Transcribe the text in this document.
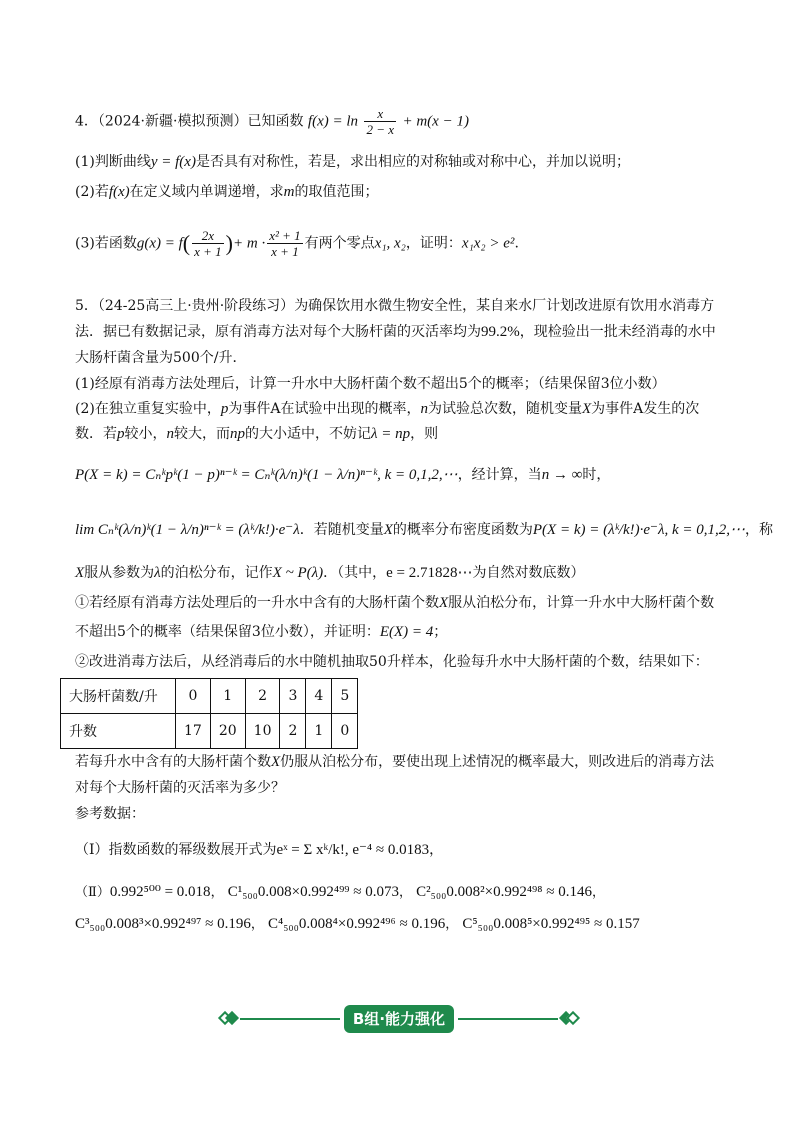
4．（2024·新疆·模拟预测）已知函数 $f(x) = \ln \frac{x}{2 - x} + m(x - 1)$
(1)判断曲线y = f(x)是否具有对称性，若是，求出相应的对称轴或对称中心，并加以说明；
(2)若f(x)在定义域内单调递增，求m的取值范围；
(3)若函数$g(x) = f( \frac{2x}{x + 1}$ )+ $m \cdot \frac{\text{x² + 1}}{x + 1}$ 有两个零点x₁, x₂，证明：x₁x₂ > e².
5．（24-25高三上·贵州·阶段练习）为确保饮用水微生物安全性，某自来水厂计划改进原有饮用水消毒方
法．据已有数据记录，原有消毒方法对每个大肠杆菌的灭活率均为99.2%，现检验出一批未经消毒的水中
大肠杆菌含量为500个/升．
(1)经原有消毒方法处理后，计算一升水中大肠杆菌个数不超出5个的概率；（结果保留3位小数）
(2)在独立重复实验中，p为事件A在试验中出现的概率，n为试验总次数，随机变量X为事件A发生的次
数．若p较小，n较大，而np的大小适中，不妨记λ = np，则
P(X = k) = Cₙᵏpᵏ(1 − p)ⁿ⁻ᵏ = Cₙᵏ(λ/n)ᵏ(1 − λ/n)ⁿ⁻ᵏ, k = 0,1,2,⋯，经计算，当n → ∞时，
lim Cₙᵏ(λ/n)ᵏ(1 − λ/n)ⁿ⁻ᵏ = (λᵏ/k!)·e⁻λ．若随机变量X的概率分布密度函数为P(X = k) = (λᵏ/k!)·e⁻λ, k = 0,1,2,⋯，称
X服从参数为λ的泊松分布，记作X ~ P(λ)．（其中，e = 2.71828⋯为自然对数底数）
①若经原有消毒方法处理后的一升水中含有的大肠杆菌个数X服从泊松分布，计算一升水中大肠杆菌个数
不超出5个的概率（结果保留3位小数），并证明：E(X) = 4；
②改进消毒方法后，从经消毒后的水中随机抽取50升样本，化验每升水中大肠杆菌的个数，结果如下：
大肠杆菌数/升	0	1	2	3	4	5
升数	17	20	10	2	1	0
若每升水中含有的大肠杆菌个数X仍服从泊松分布，要使出现上述情况的概率最大，则改进后的消毒方法
对每个大肠杆菌的灭活率为多少？
参考数据：
（Ⅰ）指数函数的幂级数展开式为eˣ = Σ xᵏ/k!, e⁻⁴ ≈ 0.0183，
（Ⅱ）0.992⁵⁰⁰ = 0.018， C¹₅₀₀0.008×0.992⁴⁹⁹ ≈ 0.073， C²₅₀₀0.008²×0.992⁴⁹⁸ ≈ 0.146，
C³₅₀₀0.008³×0.992⁴⁹⁷ ≈ 0.196， C⁴₅₀₀0.008⁴×0.992⁴⁹⁶ ≈ 0.196， C⁵₅₀₀0.008⁵×0.992⁴⁹⁵ ≈ 0.157
B组·能力强化
